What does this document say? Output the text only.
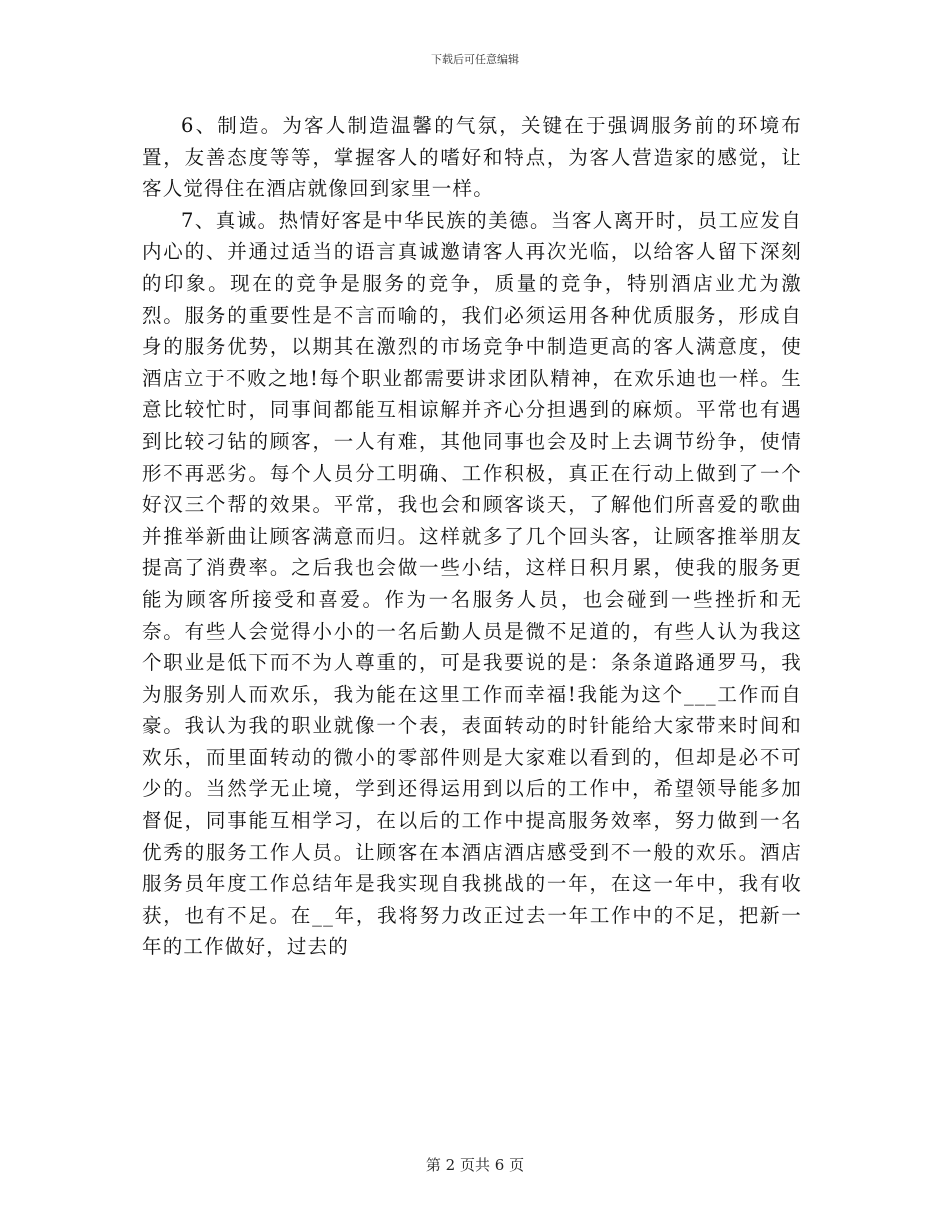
下载后可任意编辑

6、制造。为客人制造温馨的气氛，关键在于强调服务前的环境布置，友善态度等等，掌握客人的嗜好和特点，为客人营造家的感觉，让客人觉得住在酒店就像回到家里一样。

7、真诚。热情好客是中华民族的美德。当客人离开时，员工应发自内心的、并通过适当的语言真诚邀请客人再次光临，以给客人留下深刻的印象。现在的竞争是服务的竞争，质量的竞争，特别酒店业尤为激烈。服务的重要性是不言而喻的，我们必须运用各种优质服务，形成自身的服务优势，以期其在激烈的市场竞争中制造更高的客人满意度，使酒店立于不败之地!每个职业都需要讲求团队精神，在欢乐迪也一样。生意比较忙时，同事间都能互相谅解并齐心分担遇到的麻烦。平常也有遇到比较刁钻的顾客，一人有难，其他同事也会及时上去调节纷争，使情形不再恶劣。每个人员分工明确、工作积极，真正在行动上做到了一个好汉三个帮的效果。平常，我也会和顾客谈天，了解他们所喜爱的歌曲并推举新曲让顾客满意而归。这样就多了几个回头客，让顾客推举朋友提高了消费率。之后我也会做一些小结，这样日积月累，使我的服务更能为顾客所接受和喜爱。作为一名服务人员，也会碰到一些挫折和无奈。有些人会觉得小小的一名后勤人员是微不足道的，有些人认为我这个职业是低下而不为人尊重的，可是我要说的是：条条道路通罗马，我为服务别人而欢乐，我为能在这里工作而幸福!我能为这个___工作而自豪。我认为我的职业就像一个表，表面转动的时针能给大家带来时间和欢乐，而里面转动的微小的零部件则是大家难以看到的，但却是必不可少的。当然学无止境，学到还得运用到以后的工作中，希望领导能多加督促，同事能互相学习，在以后的工作中提高服务效率，努力做到一名优秀的服务工作人员。让顾客在本酒店酒店感受到不一般的欢乐。酒店服务员年度工作总结年是我实现自我挑战的一年，在这一年中，我有收获，也有不足。在__年，我将努力改正过去一年工作中的不足，把新一年的工作做好，过去的

第 2 页共 6 页
